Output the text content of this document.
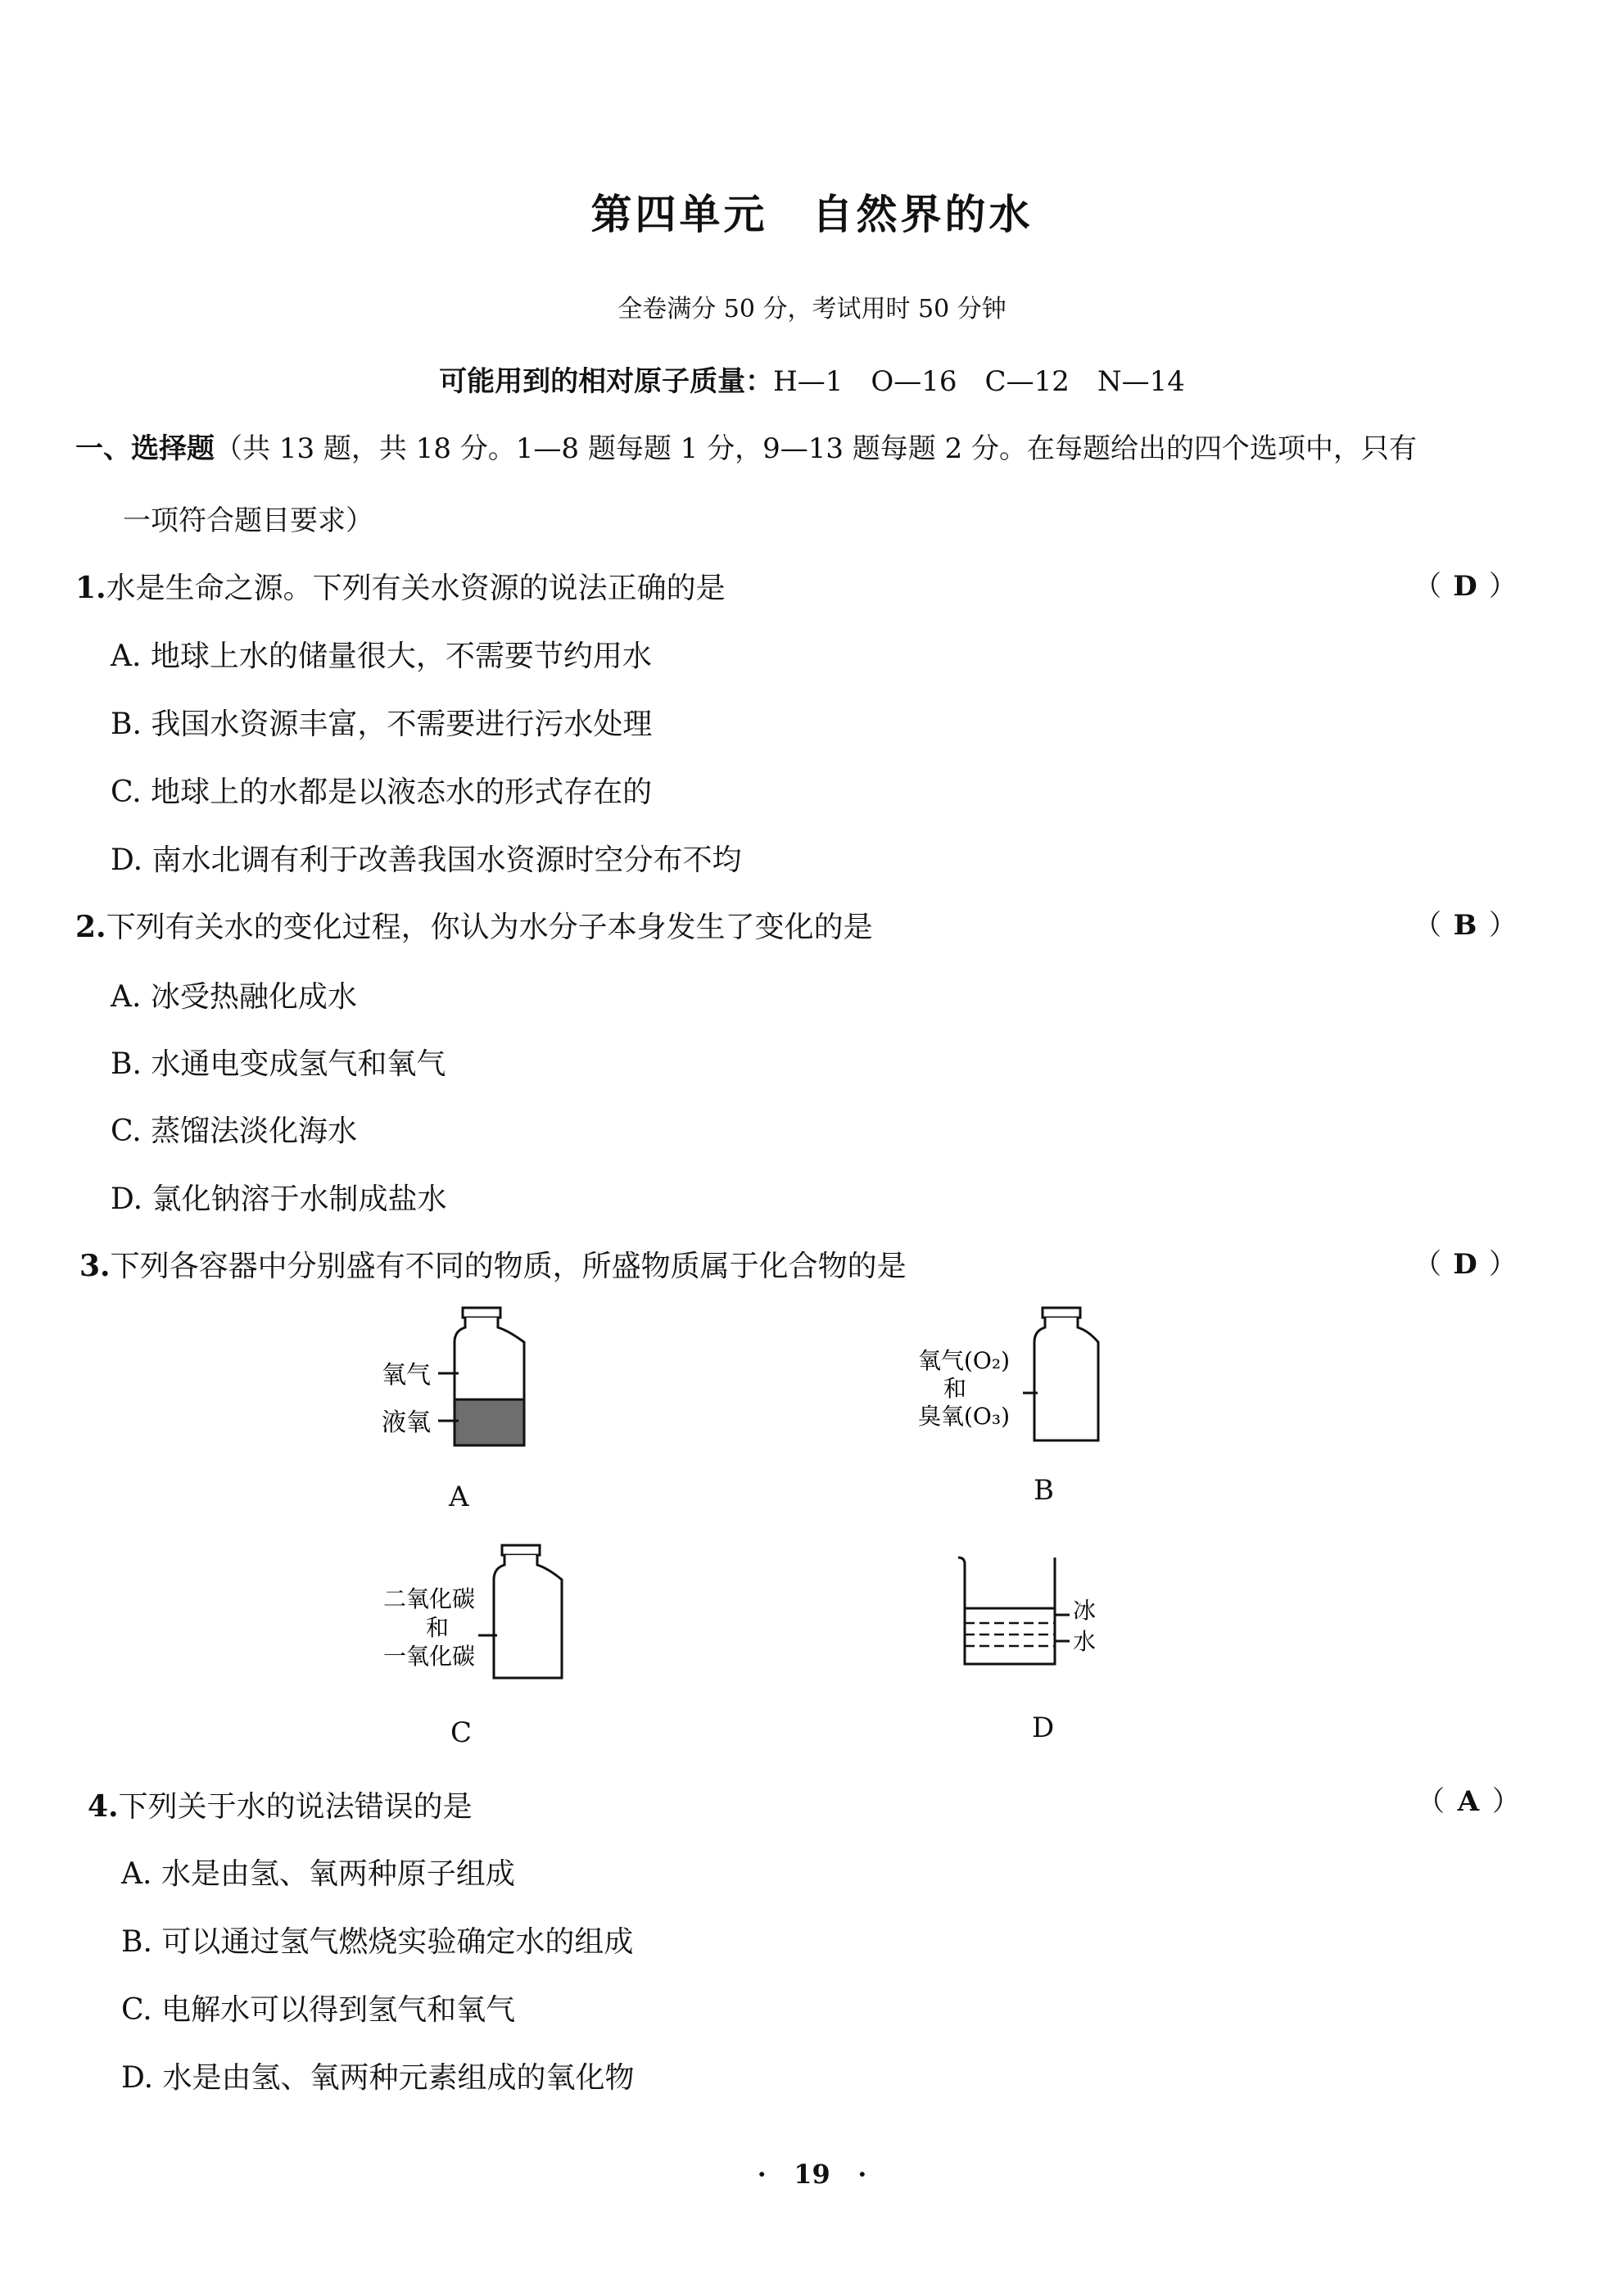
第四单元　自然界的水
全卷满分 50 分，考试用时 50 分钟
可能用到的相对原子质量：H—1　O—16　C—12　N—14
一、选择题（共 13 题，共 18 分。1—8 题每题 1 分，9—13 题每题 2 分。在每题给出的四个选项中，只有
一项符合题目要求）
1.水是生命之源。下列有关水资源的说法正确的是	（ D ）
A. 地球上水的储量很大，不需要节约用水
B. 我国水资源丰富，不需要进行污水处理
C. 地球上的水都是以液态水的形式存在的
D. 南水北调有利于改善我国水资源时空分布不均
2.下列有关水的变化过程，你认为水分子本身发生了变化的是	（ B ）
A. 冰受热融化成水
B. 水通电变成氢气和氧气
C. 蒸馏法淡化海水
D. 氯化钠溶于水制成盐水
3.下列各容器中分别盛有不同的物质，所盛物质属于化合物的是	（ D ）
氧气
液氧
A
氧气(O₂)
和
臭氧(O₃)
B
二氧化碳
和
一氧化碳
C
冰
水
D
4.下列关于水的说法错误的是	（ A ）
A. 水是由氢、氧两种原子组成
B. 可以通过氢气燃烧实验确定水的组成
C. 电解水可以得到氢气和氧气
D. 水是由氢、氧两种元素组成的氧化物
· 19 ·
